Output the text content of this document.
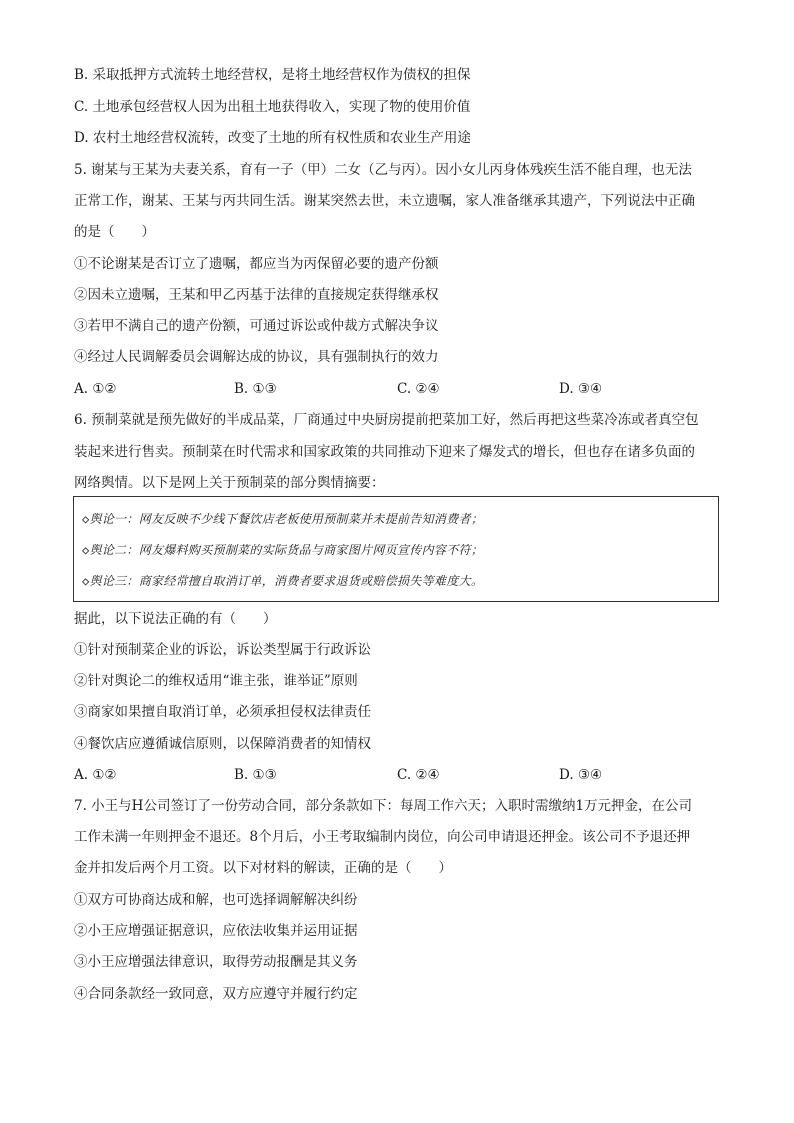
B. 采取抵押方式流转土地经营权，是将土地经营权作为债权的担保
C. 土地承包经营权人因为出租土地获得收入，实现了物的使用价值
D. 农村土地经营权流转，改变了土地的所有权性质和农业生产用途
5. 谢某与王某为夫妻关系，育有一子（甲）二女（乙与丙）。因小女儿丙身体残疾生活不能自理，也无法
正常工作，谢某、王某与丙共同生活。谢某突然去世，未立遗嘱，家人准备继承其遗产，下列说法中正确
的是（　　）
①不论谢某是否订立了遗嘱，都应当为丙保留必要的遗产份额
②因未立遗嘱，王某和甲乙丙基于法律的直接规定获得继承权
③若甲不满自己的遗产份额，可通过诉讼或仲裁方式解决争议
④经过人民调解委员会调解达成的协议，具有强制执行的效力
A. ①②	B. ①③	C. ②④	D. ③④
6. 预制菜就是预先做好的半成品菜，厂商通过中央厨房提前把菜加工好，然后再把这些菜冷冻或者真空包
装起来进行售卖。预制菜在时代需求和国家政策的共同推动下迎来了爆发式的增长，但也存在诸多负面的
网络舆情。以下是网上关于预制菜的部分舆情摘要：
◇舆论一：网友反映不少线下餐饮店老板使用预制菜并未提前告知消费者；
◇舆论二：网友爆料购买预制菜的实际货品与商家图片网页宣传内容不符；
◇舆论三：商家经常擅自取消订单，消费者要求退货或赔偿损失等难度大。
据此，以下说法正确的有（　　）
①针对预制菜企业的诉讼，诉讼类型属于行政诉讼
②针对舆论二的维权适用“谁主张，谁举证”原则
③商家如果擅自取消订单，必须承担侵权法律责任
④餐饮店应遵循诚信原则，以保障消费者的知情权
A. ①②	B. ①③	C. ②④	D. ③④
7. 小王与H公司签订了一份劳动合同，部分条款如下：每周工作六天；入职时需缴纳1万元押金，在公司
工作未满一年则押金不退还。8个月后，小王考取编制内岗位，向公司申请退还押金。该公司不予退还押
金并扣发后两个月工资。以下对材料的解读，正确的是（　　）
①双方可协商达成和解，也可选择调解解决纠纷
②小王应增强证据意识，应依法收集并运用证据
③小王应增强法律意识，取得劳动报酬是其义务
④合同条款经一致同意，双方应遵守并履行约定
